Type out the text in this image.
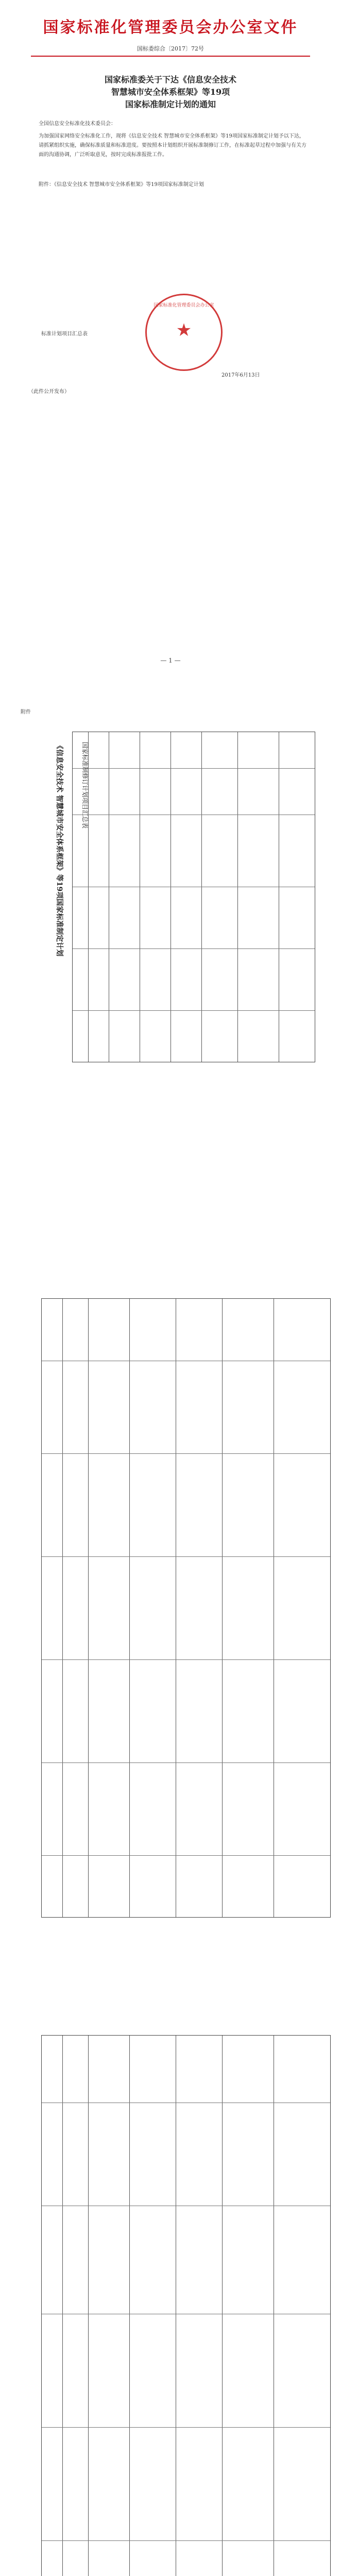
国家标准化管理委员会办公室文件
国标委综合〔2017〕72号
国家标准委关于下达《信息安全技术
智慧城市安全体系框架》等19项
国家标准制定计划的通知
全国信息安全标准化技术委员会：
为加强国家网络安全标准化工作，现将《信息安全技术 智慧城市安全体系框架》等19项国家标准制定计划予以下达，请抓紧组织实施，确保标准质量和标准进度。要按照本计划组织开展标准制修订工作，在标准起草过程中加强与有关方面的沟通协调，广泛听取意见，按时完成标准报批工作。
附件：《信息安全技术 智慧城市安全体系框架》等19项国家标准制定计划
标准计划项目汇总表
国家标准化管理委员会办公室
★
2017年6月13日
（此件公开发布）
— 1 —
附件
《信息安全技术 智慧城市安全体系框架》等19项国家标准制定计划	国家标准制修订计划项目汇总表
